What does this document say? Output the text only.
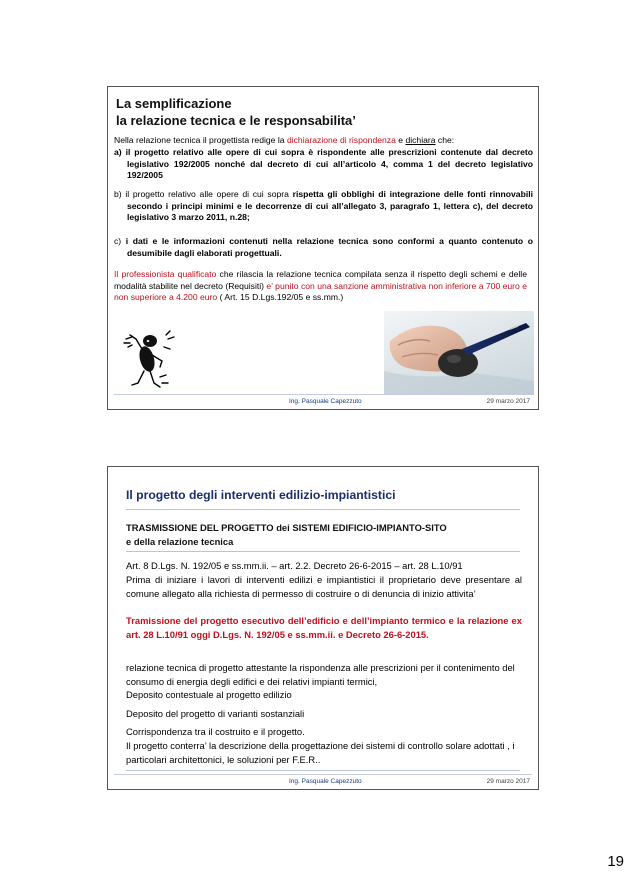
La semplificazione
la relazione tecnica e le responsabilita’
Nella relazione tecnica il progettista redige la dichiarazione di rispondenza e dichiara che:
a) il progetto relativo alle opere di cui sopra è rispondente alle prescrizioni contenute dal decreto legislativo 192/2005 nonché dal decreto di cui all’articolo 4, comma 1 del decreto legislativo 192/2005
b) il progetto relativo alle opere di cui sopra rispetta gli obblighi di integrazione delle fonti rinnovabili secondo i principi minimi e le decorrenze di cui all’allegato 3, paragrafo 1, lettera c), del decreto legislativo 3 marzo 2011, n.28;
c) i dati e le informazioni contenuti nella relazione tecnica sono conformi a quanto contenuto o desumibile dagli elaborati progettuali.
Il professionista qualificato che rilascia la relazione tecnica compilata senza il rispetto degli schemi e delle modalità stabilite nel decreto (Requisiti) e’ punito con una sanzione amministrativa non inferiore a 700 euro e non superiore a 4.200 euro ( Art. 15 D.Lgs.192/05 e ss.mm.)
Ing. Pasquale Capezzuto	29 marzo 2017
Il progetto degli interventi edilizio-impiantistici
TRASMISSIONE DEL PROGETTO dei SISTEMI EDIFICIO-IMPIANTO-SITO
e della relazione tecnica
Art. 8 D.Lgs. N. 192/05 e ss.mm.ii. – art. 2.2. Decreto 26-6-2015 – art. 28 L.10/91
Prima di iniziare i lavori di interventi edilizi e impiantistici il proprietario deve presentare al comune allegato alla richiesta di permesso di costruire o di denuncia di inizio attivita’
Tramissione del progetto esecutivo dell’edificio e dell’impianto termico e la relazione ex art. 28 L.10/91 oggi D.Lgs. N. 192/05 e ss.mm.ii. e Decreto 26-6-2015.
relazione tecnica di progetto attestante la rispondenza alle prescrizioni per il contenimento del consumo di energia degli edifici e dei relativi impianti termici,
Deposito contestuale al progetto edilizio
Deposito del progetto di varianti sostanziali
Corrispondenza tra il costruito e il progetto.
Il progetto conterra’ la descrizione della progettazione dei sistemi di controllo solare adottati , i particolari architettonici, le soluzioni per F.E.R..
Ing. Pasquale Capezzuto	29 marzo 2017
19
